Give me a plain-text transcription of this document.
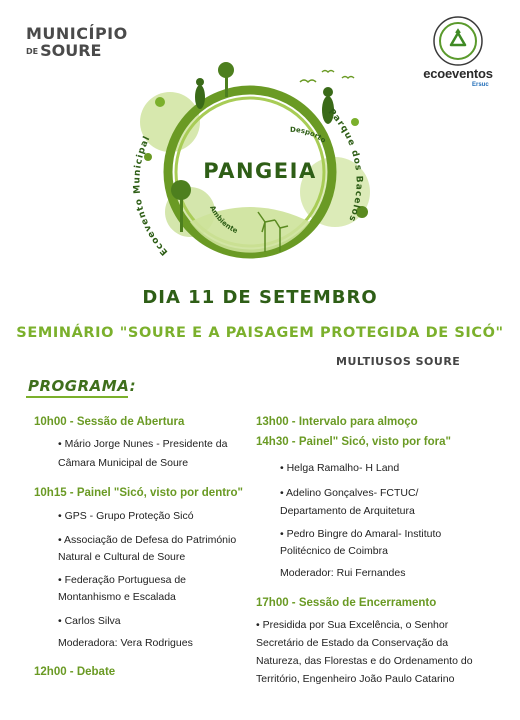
MUNICÍPIO
DE SOURE
ecoeventos
Ersuc
Ecoevento Municipal
Parque dos Bacelos
Desporto
Ambiente
PANGEIA
DIA 11 DE SETEMBRO
SEMINÁRIO "SOURE E A PAISAGEM PROTEGIDA DE SICÓ"
MULTIUSOS SOURE
PROGRAMA:
10h00 - Sessão de Abertura
• Mário Jorge Nunes - Presidente da
Câmara Municipal de Soure
10h15 - Painel "Sicó, visto por dentro"
• GPS - Grupo Proteção Sicó
• Associação de Defesa do Património
Natural e Cultural de Soure
• Federação Portuguesa de
Montanhismo e Escalada
• Carlos Silva
Moderadora: Vera Rodrigues
12h00 - Debate
13h00 - Intervalo para almoço
14h30 - Painel" Sicó, visto por fora"
• Helga Ramalho- H Land
• Adelino Gonçalves- FCTUC/
Departamento de Arquitetura
• Pedro Bingre do Amaral- Instituto
Politécnico de Coimbra
Moderador: Rui Fernandes
17h00 - Sessão de Encerramento
• Presidida por Sua Excelência, o Senhor
Secretário de Estado da Conservação da
Natureza, das Florestas e do Ordenamento do
Território, Engenheiro João Paulo Catarino
